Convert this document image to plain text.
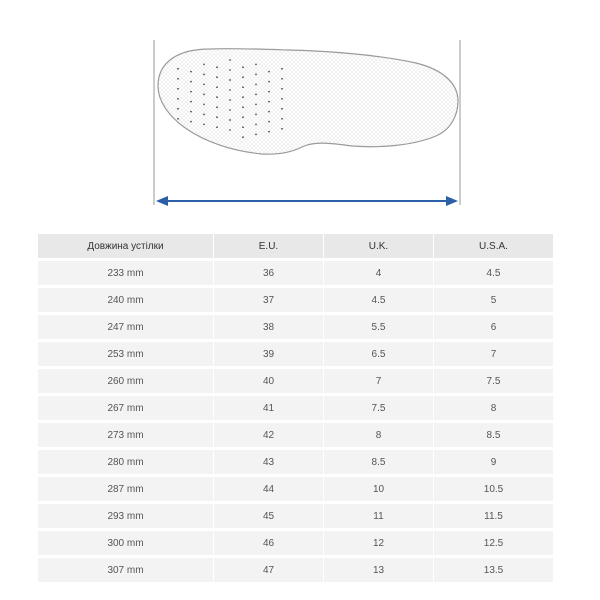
Довжина устілки	E.U.	U.K.	U.S.A.
233 mm	36	4	4.5
240 mm	37	4.5	5
247 mm	38	5.5	6
253 mm	39	6.5	7
260 mm	40	7	7.5
267 mm	41	7.5	8
273 mm	42	8	8.5
280 mm	43	8.5	9
287 mm	44	10	10.5
293 mm	45	11	11.5
300 mm	46	12	12.5
307 mm	47	13	13.5
